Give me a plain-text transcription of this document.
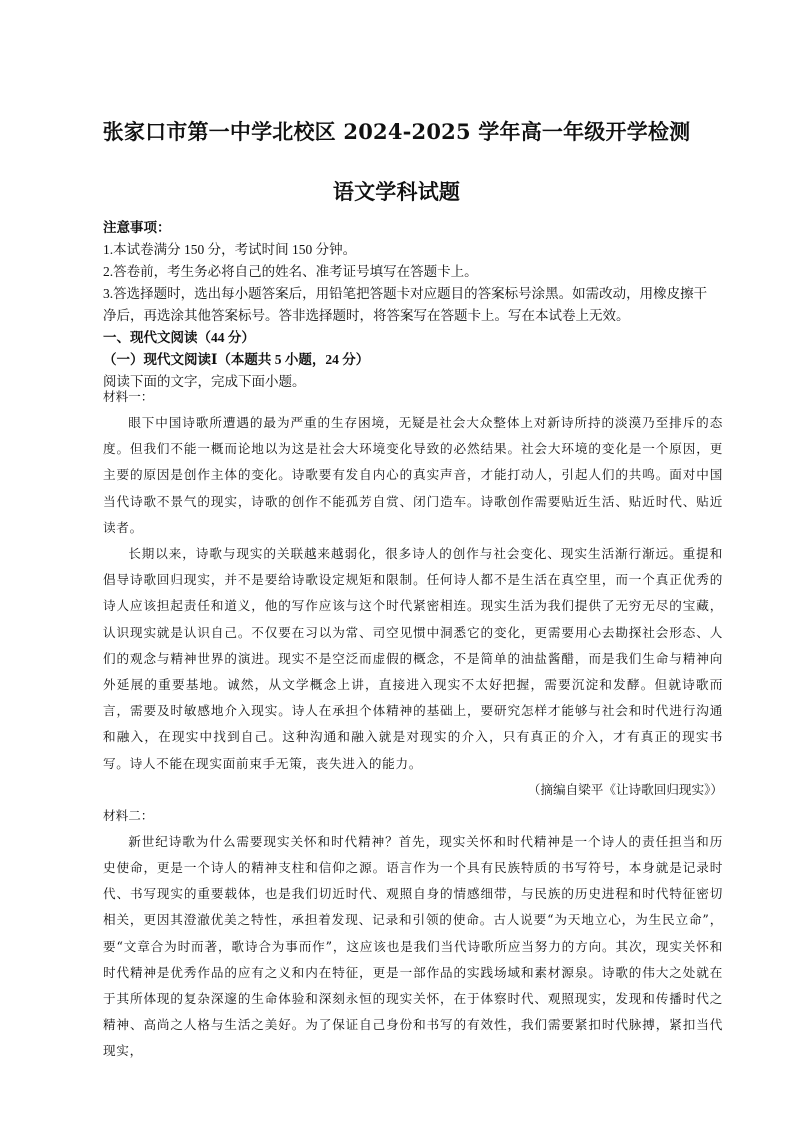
张家口市第一中学北校区 2024-2025 学年高一年级开学检测
语文学科试题
注意事项：
1.本试卷满分 150 分，考试时间 150 分钟。
2.答卷前，考生务必将自己的姓名、准考证号填写在答题卡上。
3.答选择题时，选出每小题答案后，用铅笔把答题卡对应题目的答案标号涂黑。如需改动，用橡皮擦干
净后，再选涂其他答案标号。答非选择题时，将答案写在答题卡上。写在本试卷上无效。
一、现代文阅读（44 分）
（一）现代文阅读Ⅰ（本题共 5 小题，24 分）
阅读下面的文字，完成下面小题。

材料一：

眼下中国诗歌所遭遇的最为严重的生存困境，无疑是社会大众整体上对新诗所持的淡漠乃至排斥的态度。但我们不能一概而论地以为这是社会大环境变化导致的必然结果。社会大环境的变化是一个原因，更主要的原因是创作主体的变化。诗歌要有发自内心的真实声音，才能打动人，引起人们的共鸣。面对中国当代诗歌不景气的现实，诗歌的创作不能孤芳自赏、闭门造车。诗歌创作需要贴近生活、贴近时代、贴近读者。

长期以来，诗歌与现实的关联越来越弱化，很多诗人的创作与社会变化、现实生活渐行渐远。重提和倡导诗歌回归现实，并不是要给诗歌设定规矩和限制。任何诗人都不是生活在真空里，而一个真正优秀的诗人应该担起责任和道义，他的写作应该与这个时代紧密相连。现实生活为我们提供了无穷无尽的宝藏，认识现实就是认识自己。不仅要在习以为常、司空见惯中洞悉它的变化，更需要用心去勘探社会形态、人们的观念与精神世界的演进。现实不是空泛而虚假的概念，不是简单的油盐酱醋，而是我们生命与精神向外延展的重要基地。诚然，从文学概念上讲，直接进入现实不太好把握，需要沉淀和发酵。但就诗歌而言，需要及时敏感地介入现实。诗人在承担个体精神的基础上，要研究怎样才能够与社会和时代进行沟通和融入，在现实中找到自己。这种沟通和融入就是对现实的介入，只有真正的介入，才有真正的现实书写。诗人不能在现实面前束手无策，丧失进入的能力。

（摘编自梁平《让诗歌回归现实》）

材料二：

新世纪诗歌为什么需要现实关怀和时代精神？首先，现实关怀和时代精神是一个诗人的责任担当和历史使命，更是一个诗人的精神支柱和信仰之源。语言作为一个具有民族特质的书写符号，本身就是记录时代、书写现实的重要载体，也是我们切近时代、观照自身的情感细带，与民族的历史进程和时代特征密切相关，更因其澄澈优美之特性，承担着发现、记录和引领的使命。古人说要“为天地立心，为生民立命”，要“文章合为时而著，歌诗合为事而作”，这应该也是我们当代诗歌所应当努力的方向。其次，现实关怀和时代精神是优秀作品的应有之义和内在特征，更是一部作品的实践场域和素材源泉。诗歌的伟大之处就在于其所体现的复杂深邃的生命体验和深刻永恒的现实关怀，在于体察时代、观照现实，发现和传播时代之精神、高尚之人格与生活之美好。为了保证自己身份和书写的有效性，我们需要紧扣时代脉搏，紧扣当代现实，
